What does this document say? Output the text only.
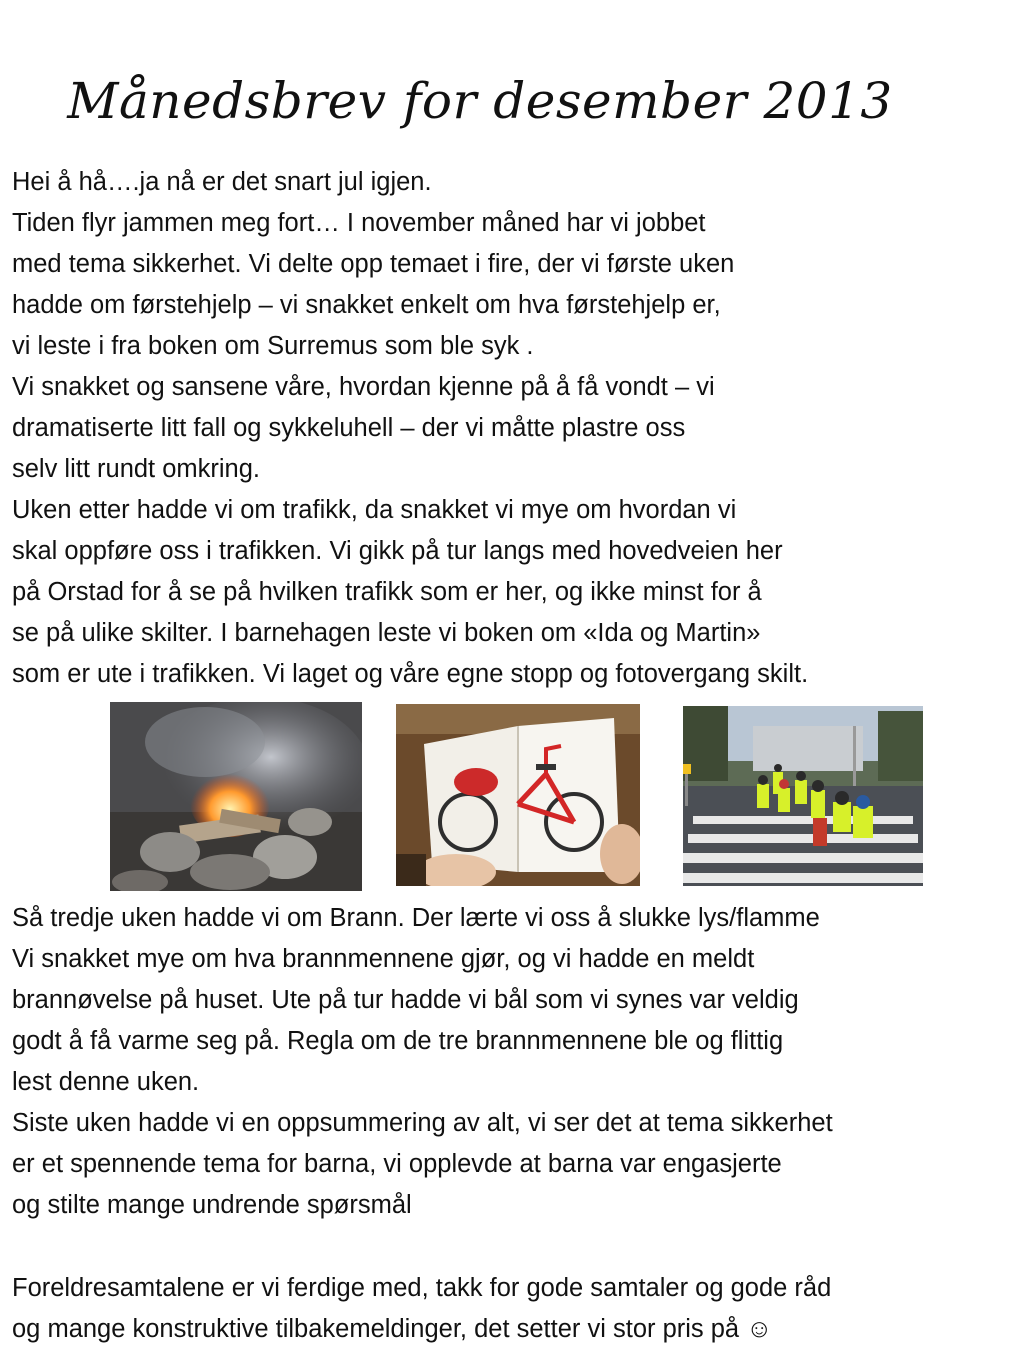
Månedsbrev for desember 2013
Hei å hå….ja nå er det snart jul igjen.
Tiden flyr jammen meg fort… I november måned har vi jobbet
med tema sikkerhet. Vi delte opp temaet i fire, der vi første uken
hadde om førstehjelp – vi snakket enkelt om hva førstehjelp er,
vi leste i fra boken om Surremus som ble syk .
Vi snakket og sansene våre, hvordan kjenne på å få vondt – vi
dramatiserte litt fall og sykkeluhell – der vi måtte plastre oss
selv litt rundt omkring.
Uken etter hadde vi om trafikk, da snakket vi mye om hvordan vi
skal oppføre oss i trafikken. Vi gikk på tur langs med hovedveien her
på Orstad for å se på hvilken trafikk som er her, og ikke minst for å
se på ulike skilter. I barnehagen leste vi boken om «Ida og Martin»
som er ute i trafikken. Vi laget og våre egne stopp og fotovergang skilt.
Så tredje uken hadde vi om Brann. Der lærte vi oss å slukke lys/flamme
Vi snakket mye om hva brannmennene gjør, og vi hadde en meldt
brannøvelse på huset. Ute på tur hadde vi bål som vi synes var veldig
godt å få varme seg på. Regla om de tre brannmennene ble og flittig
lest denne uken.
Siste uken hadde vi en oppsummering av alt, vi ser det at tema sikkerhet
er et spennende tema for barna, vi opplevde at barna var engasjerte
og stilte mange undrende spørsmål
Foreldresamtalene er vi ferdige med, takk for gode samtaler og gode råd
og mange konstruktive tilbakemeldinger, det setter vi stor pris på ☺
